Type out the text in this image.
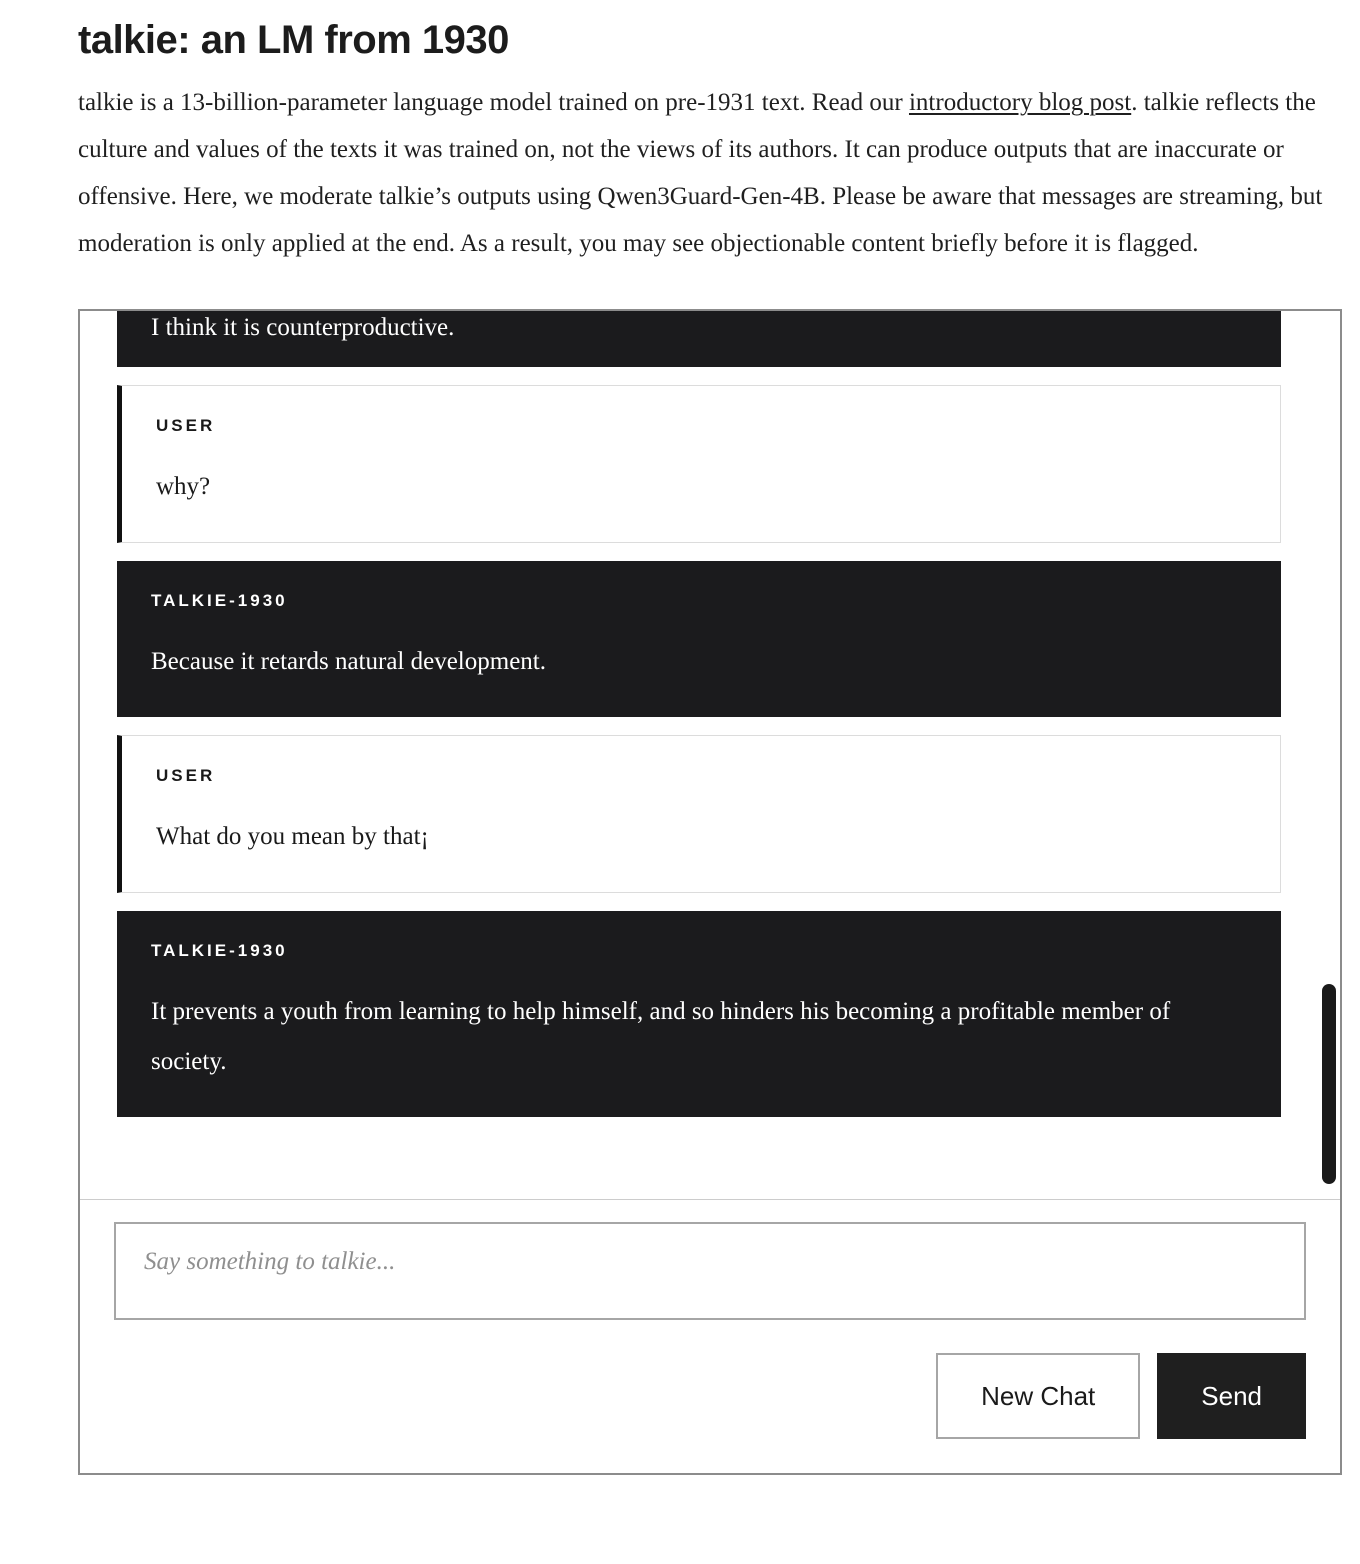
talkie: an LM from 1930

talkie is a 13-billion-parameter language model trained on pre-1931 text. Read our introductory blog post. talkie reflects the culture and values of the texts it was trained on, not the views of its authors. It can produce outputs that are inaccurate or offensive. Here, we moderate talkie’s outputs using Qwen3Guard-Gen-4B. Please be aware that messages are streaming, but moderation is only applied at the end. As a result, you may see objectionable content briefly before it is flagged.

I think it is counterproductive.
USER
why?
TALKIE-1930
Because it retards natural development.
USER
What do you mean by that¡
TALKIE-1930
It prevents a youth from learning to help himself, and so hinders his becoming a profitable member of society.
Say something to talkie...
New Chat	Send
